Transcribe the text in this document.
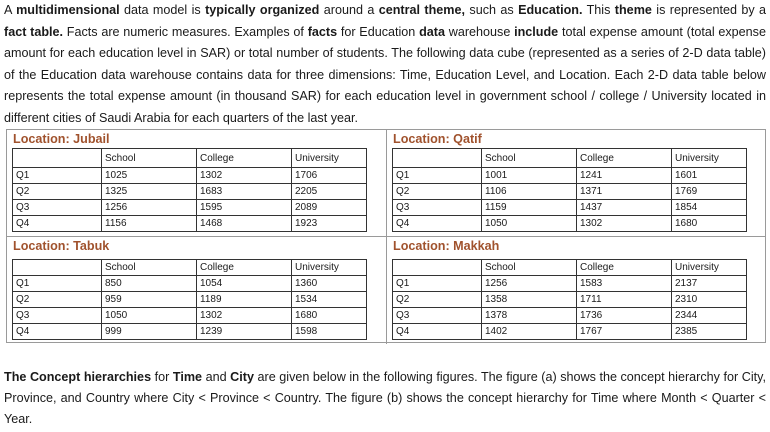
A multidimensional data model is typically organized around a central theme, such as Education. This theme is represented by a fact table. Facts are numeric measures. Examples of facts for Education data warehouse include total expense amount (total expense amount for each education level in SAR) or total number of students. The following data cube (represented as a series of 2-D data table) of the Education data warehouse contains data for three dimensions: Time, Education Level, and Location. Each 2-D data table below represents the total expense amount (in thousand SAR) for each education level in government school / college / University located in different cities of Saudi Arabia for each quarters of the last year.
Location: Jubail
	School	College	University
Q1	1025	1302	1706
Q2	1325	1683	2205
Q3	1256	1595	2089
Q4	1156	1468	1923
Location: Qatif
	School	College	University
Q1	1001	1241	1601
Q2	1106	1371	1769
Q3	1159	1437	1854
Q4	1050	1302	1680
Location: Tabuk
	School	College	University
Q1	850	1054	1360
Q2	959	1189	1534
Q3	1050	1302	1680
Q4	999	1239	1598
Location: Makkah
	School	College	University
Q1	1256	1583	2137
Q2	1358	1711	2310
Q3	1378	1736	2344
Q4	1402	1767	2385
The Concept hierarchies for Time and City are given below in the following figures. The figure (a) shows the concept hierarchy for City, Province, and Country where City < Province < Country. The figure (b) shows the concept hierarchy for Time where Month < Quarter < Year.
